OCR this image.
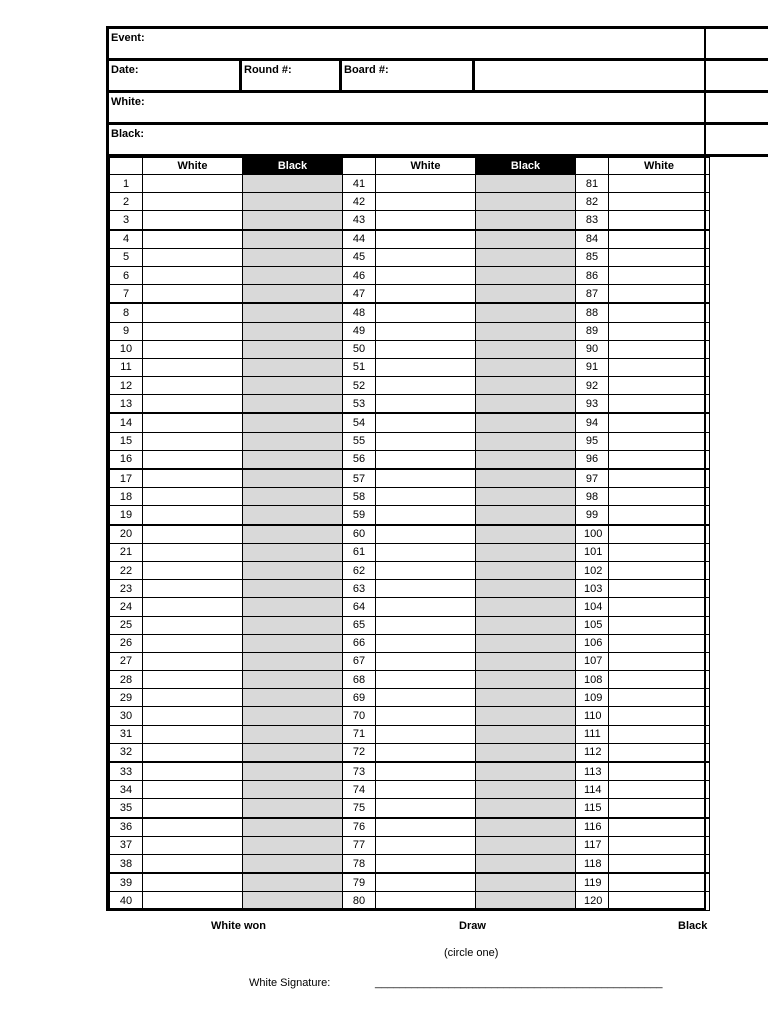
Event:
Date:	Round #:	Board #:
White:
Black:
	White	Black		White	Black		White
1			41			81	
2			42			82	
3			43			83	
4			44			84	
5			45			85	
6			46			86	
7			47			87	
8			48			88	
9			49			89	
10			50			90	
11			51			91	
12			52			92	
13			53			93	
14			54			94	
15			55			95	
16			56			96	
17			57			97	
18			58			98	
19			59			99	
20			60			100	
21			61			101	
22			62			102	
23			63			103	
24			64			104	
25			65			105	
26			66			106	
27			67			107	
28			68			108	
29			69			109	
30			70			110	
31			71			111	
32			72			112	
33			73			113	
34			74			114	
35			75			115	
36			76			116	
37			77			117	
38			78			118	
39			79			119	
40			80			120	
White won	Draw	Black
(circle one)
White Signature:	_______________________________________________
